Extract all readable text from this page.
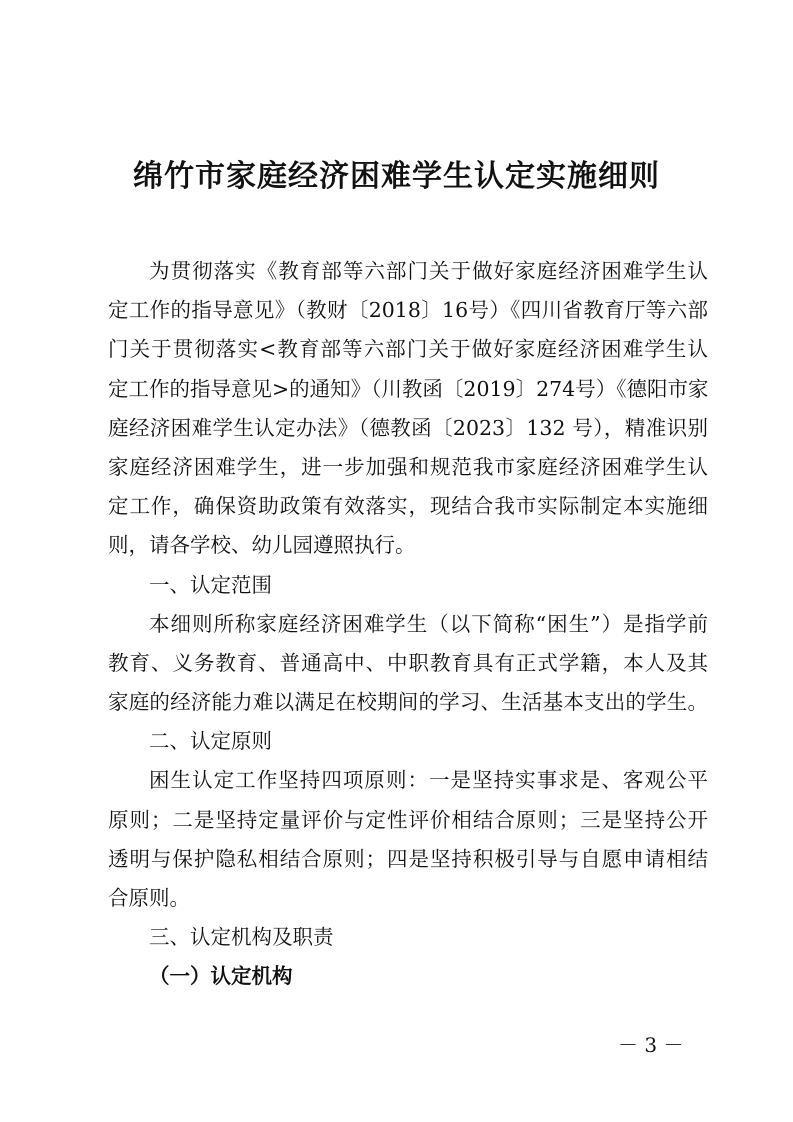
绵竹市家庭经济困难学生认定实施细则
为贯彻落实《教育部等六部门关于做好家庭经济困难学生认
定工作的指导意见》（教财〔2018〕16号）《四川省教育厅等六部
门关于贯彻落实<教育部等六部门关于做好家庭经济困难学生认
定工作的指导意见>的通知》（川教函〔2019〕274号）《德阳市家
庭经济困难学生认定办法》（德教函〔2023〕132 号），精准识别
家庭经济困难学生，进一步加强和规范我市家庭经济困难学生认
定工作，确保资助政策有效落实，现结合我市实际制定本实施细
则，请各学校、幼儿园遵照执行。
一、认定范围
本细则所称家庭经济困难学生（以下简称“困生”）是指学前
教育、义务教育、普通高中、中职教育具有正式学籍，本人及其
家庭的经济能力难以满足在校期间的学习、生活基本支出的学生。
二、认定原则
困生认定工作坚持四项原则：一是坚持实事求是、客观公平
原则；二是坚持定量评价与定性评价相结合原则；三是坚持公开
透明与保护隐私相结合原则；四是坚持积极引导与自愿申请相结
合原则。
三、认定机构及职责
（一）认定机构
－ 3 －
